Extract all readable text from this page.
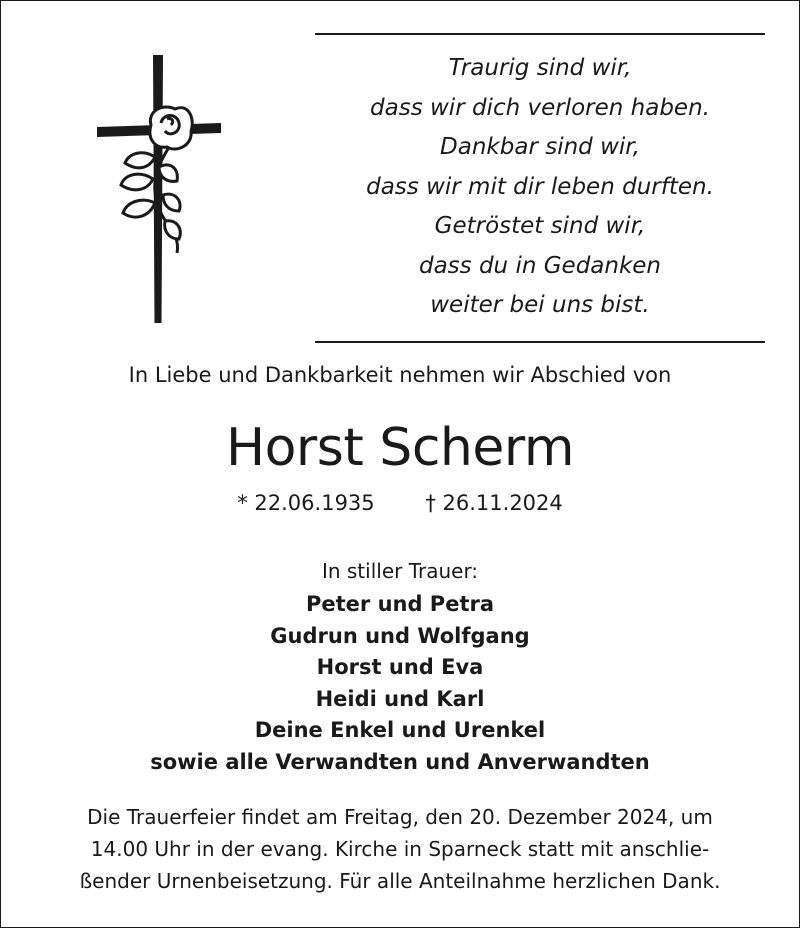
Traurig sind wir,
dass wir dich verloren haben.
Dankbar sind wir,
dass wir mit dir leben durften.
Getröstet sind wir,
dass du in Gedanken
weiter bei uns bist.
In Liebe und Dankbarkeit nehmen wir Abschied von
Horst Scherm
* 22.06.1935 † 26.11.2024
In stiller Trauer:
Peter und Petra
Gudrun und Wolfgang
Horst und Eva
Heidi und Karl
Deine Enkel und Urenkel
sowie alle Verwandten und Anverwandten
Die Trauerfeier findet am Freitag, den 20. Dezember 2024, um
14.00 Uhr in der evang. Kirche in Sparneck statt mit anschlie-
ßender Urnenbeisetzung. Für alle Anteilnahme herzlichen Dank.
